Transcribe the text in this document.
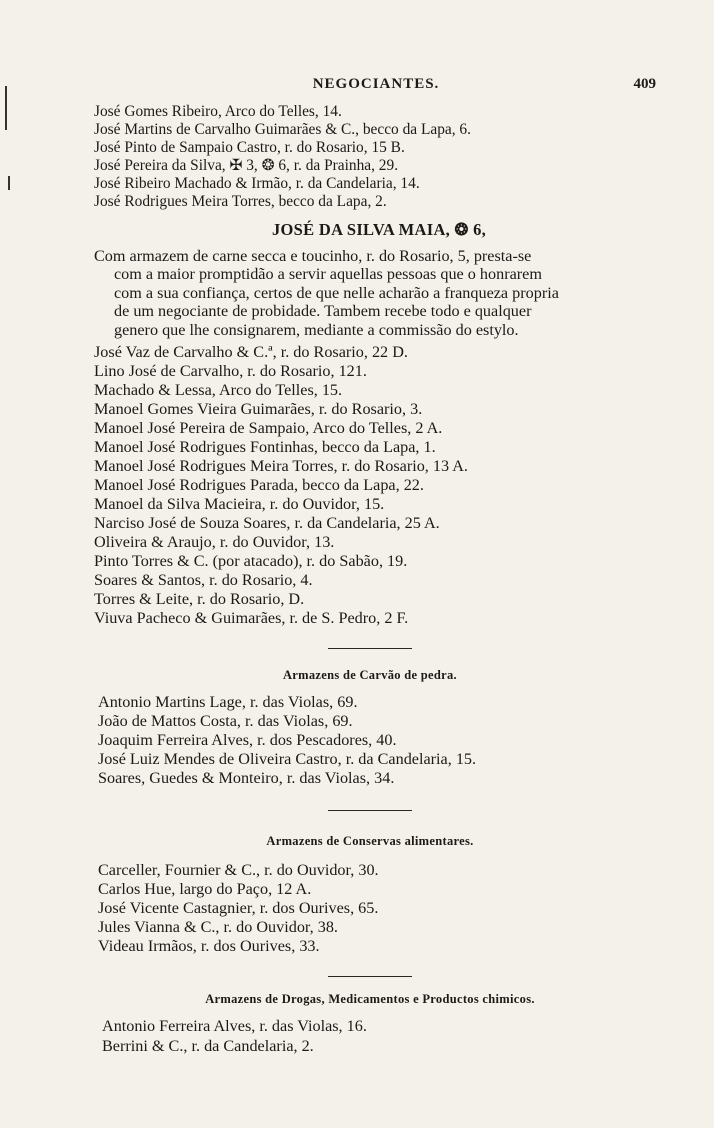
NEGOCIANTES.	409
José Gomes Ribeiro, Arco do Telles, 14.
José Martins de Carvalho Guimarães & C., becco da Lapa, 6.
José Pinto de Sampaio Castro, r. do Rosario, 15 B.
José Pereira da Silva, ✠ 3, ❂ 6, r. da Prainha, 29.
José Ribeiro Machado & Irmão, r. da Candelaria, 14.
José Rodrigues Meira Torres, becco da Lapa, 2.
JOSÉ DA SILVA MAIA, ❂ 6,
Com armazem de carne secca e toucinho, r. do Rosario, 5, presta-se
com a maior promptidão a servir aquellas pessoas que o honrarem
com a sua confiança, certos de que nelle acharão a franqueza propria
de um negociante de probidade. Tambem recebe todo e qualquer
genero que lhe consignarem, mediante a commissão do estylo.
José Vaz de Carvalho & C.ª, r. do Rosario, 22 D.
Lino José de Carvalho, r. do Rosario, 121.
Machado & Lessa, Arco do Telles, 15.
Manoel Gomes Vieira Guimarães, r. do Rosario, 3.
Manoel José Pereira de Sampaio, Arco do Telles, 2 A.
Manoel José Rodrigues Fontinhas, becco da Lapa, 1.
Manoel José Rodrigues Meira Torres, r. do Rosario, 13 A.
Manoel José Rodrigues Parada, becco da Lapa, 22.
Manoel da Silva Macieira, r. do Ouvidor, 15.
Narciso José de Souza Soares, r. da Candelaria, 25 A.
Oliveira & Araujo, r. do Ouvidor, 13.
Pinto Torres & C. (por atacado), r. do Sabão, 19.
Soares & Santos, r. do Rosario, 4.
Torres & Leite, r. do Rosario, D.
Viuva Pacheco & Guimarães, r. de S. Pedro, 2 F.
Armazens de Carvão de pedra.
Antonio Martins Lage, r. das Violas, 69.
João de Mattos Costa, r. das Violas, 69.
Joaquim Ferreira Alves, r. dos Pescadores, 40.
José Luiz Mendes de Oliveira Castro, r. da Candelaria, 15.
Soares, Guedes & Monteiro, r. das Violas, 34.
Armazens de Conservas alimentares.
Carceller, Fournier & C., r. do Ouvidor, 30.
Carlos Hue, largo do Paço, 12 A.
José Vicente Castagnier, r. dos Ourives, 65.
Jules Vianna & C., r. do Ouvidor, 38.
Videau Irmãos, r. dos Ourives, 33.
Armazens de Drogas, Medicamentos e Productos chimicos.
Antonio Ferreira Alves, r. das Violas, 16.
Berrini & C., r. da Candelaria, 2.
